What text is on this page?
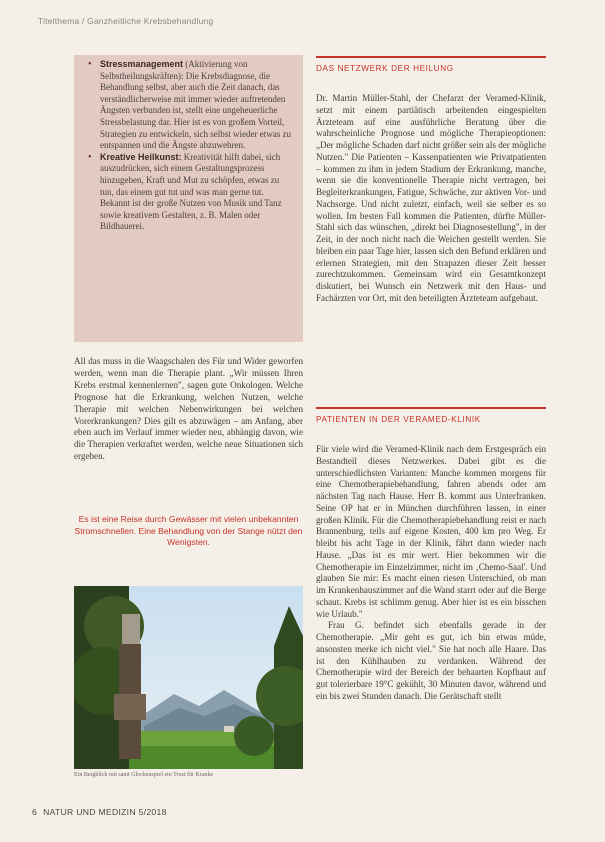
Titelthema / Ganzheitliche Krebsbehandlung
• Stressmanagement (Aktivierung von Selbstheilungskräften): Die Krebsdiagnose, die Behandlung selbst, aber auch die Zeit danach, das verständlicherweise mit immer wieder auftretenden Ängsten verbunden ist, stellt eine ungeheuerliche Stressbelastung dar. Hier ist es von großem Vorteil, Strategien zu entwickeln, sich selbst wieder etwas zu entspannen und die Ängste abzuwehren.
• Kreative Heilkunst: Kreativität hilft dabei, sich auszudrücken, sich einem Gestaltungsprozess hinzugeben, Kraft und Mut zu schöpfen, etwas zu tun, das einem gut tut und was man gerne tut. Bekannt ist der große Nutzen von Musik und Tanz sowie kreativem Gestalten, z. B. Malen oder Bildhauerei.

All das muss in die Waagschalen des Für und Wider geworfen werden, wenn man die Therapie plant. „Wir müssen Ihren Krebs erstmal kennenlernen", sagen gute Onkologen. Welche Prognose hat die Erkrankung, welchen Nutzen, welche Therapie mit welchen Nebenwirkungen bei welchen Vorerkrankungen? Dies gilt es abzuwägen – am Anfang, aber eben auch im Verlauf immer wieder neu, abhängig davon, wie die Therapien verkraftet werden, welche neue Situationen sich ergeben.

Es ist eine Reise durch Gewässer mit vielen unbekannten Stromschnellen. Eine Behandlung von der Stange nützt den Wenigsten.
Ein Bergblick mit samt Glockenspiel ein Trost für Kranke
6 NATUR UND MEDIZIN 5/2018
DAS NETZWERK DER HEILUNG

Dr. Martin Müller-Stahl, der Chefarzt der Veramed-Klinik, setzt mit einem partiätisch arbeitenden eingespielten Ärzteteam auf eine ausführliche Beratung über die wahrscheinliche Prognose und mögliche Therapieoptionen: „Der mögliche Schaden darf nicht größer sein als der mögliche Nutzen." Die Patienten – Kassenpatienten wie Privatpatienten – kommen zu ihm in jedem Stadium der Erkrankung, manche, wenn sie die konventionelle Therapie nicht vertragen, bei Begleiterkrankungen, Fatigue, Schwäche, zur aktiven Vor- und Nachsorge. Und nicht zuletzt, einfach, weil sie selber es so wollen. Im besten Fall kommen die Patienten, dürfte Müller-Stahl sich das wünschen, „direkt bei Diagnosestellung", in der Zeit, in der noch nicht nach die Weichen gestellt werden. Sie bleiben ein paar Tage hier, lassen sich den Befund erklären und erlernen Strategien, mit den Strapazen dieser Zeit besser zurechtzukommen. Gemeinsam wird ein Gesamtkonzept diskutiert, bei Wunsch ein Netzwerk mit den Haus- und Fachärzten vor Ort, mit den beteiligten Ärzteteam aufgebaut.

PATIENTEN IN DER VERAMED-KLINIK

Für viele wird die Veramed-Klinik nach dem Erstgespräch ein Bestandteil dieses Netzwerkes. Dabei gibt es die unterschiedlichsten Varianten: Manche kommen morgens für eine Chemotherapiebehandlung, fahren abends oder am nächsten Tag nach Hause. Herr B. kommt aus Unterfranken. Seine OP hat er in München durchführen lassen, in einer großen Klinik. Für die Chemotherapiebehandlung reist er nach Brannenburg, teils auf eigene Kosten, 400 km pro Weg. Er bleibt bis acht Tage in der Klinik, fährt dann wieder nach Hause. „Das ist es mir wert. Hier bekommen wir die Chemotherapie im Einzelzimmer, nicht im ‚Chemo-Saal'. Und glauben Sie mir: Es macht einen riesen Unterschied, ob man im Krankenhauszimmer auf die Wand starrt oder auf die Berge schaut. Krebs ist schlimm genug. Aber hier ist es ein bisschen wie Urlaub."

Frau G. befindet sich ebenfalls gerade in der Chemotherapie. „Mir geht es gut, ich bin etwas müde, ansonsten merke ich nicht viel." Sie hat noch alle Haare. Das ist den Kühlhauben zu verdanken. Während der Chemotherapie wird der Bereich der behaarten Kopfhaut auf gut tolerierbare 19°C gekühlt, 30 Minuten davor, während und ein bis zwei Stunden danach. Die Gerätschaft stellt
